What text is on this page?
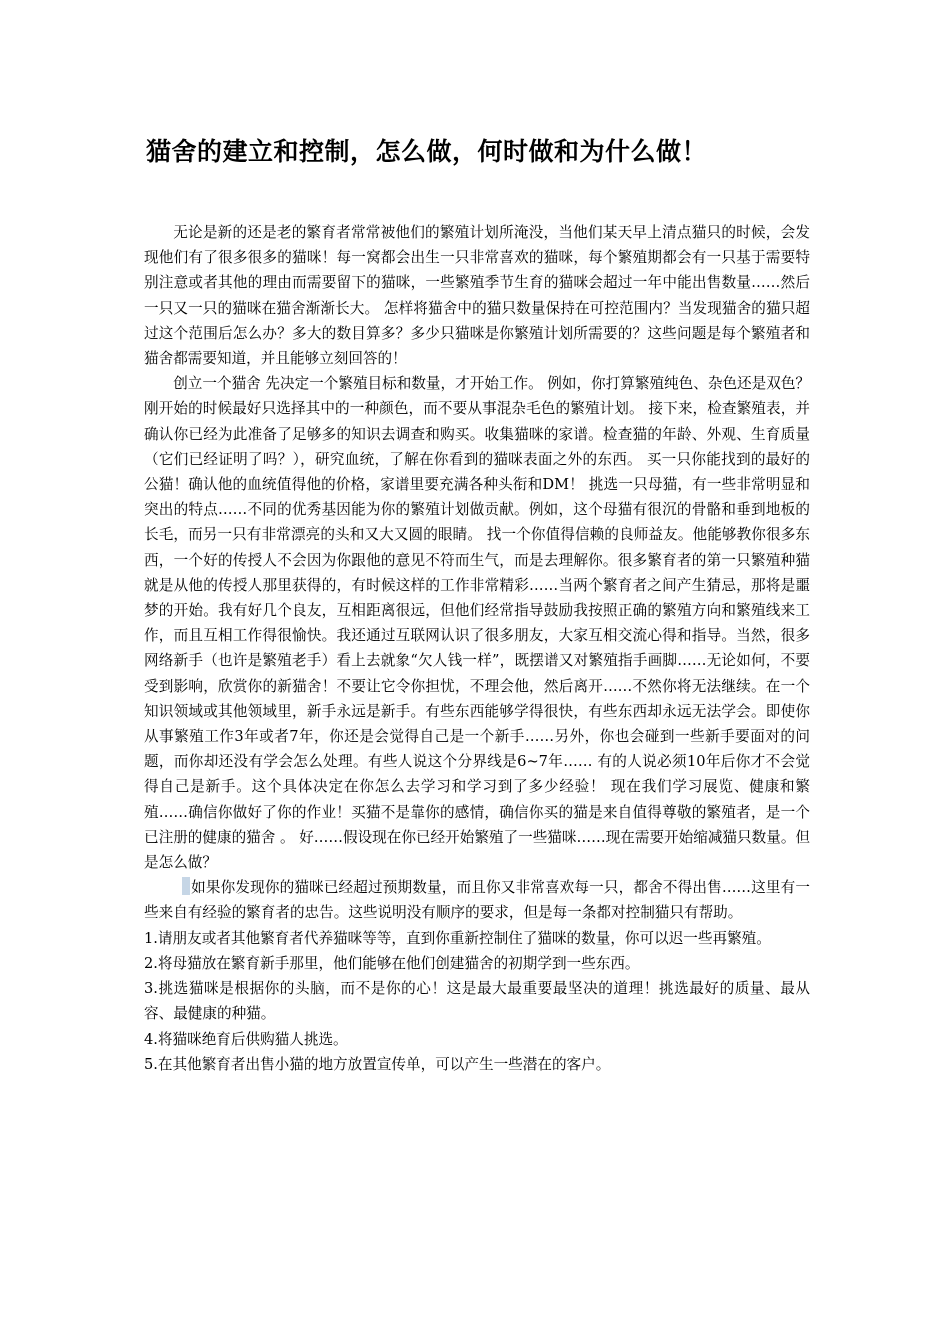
猫舍的建立和控制，怎么做，何时做和为什么做！

无论是新的还是老的繁育者常常被他们的繁殖计划所淹没，当他们某天早上清点猫只的时候，会发现他们有了很多很多的猫咪！每一窝都会出生一只非常喜欢的猫咪，每个繁殖期都会有一只基于需要特别注意或者其他的理由而需要留下的猫咪，一些繁殖季节生育的猫咪会超过一年中能出售数量……然后一只又一只的猫咪在猫舍渐渐长大。 怎样将猫舍中的猫只数量保持在可控范围内？当发现猫舍的猫只超过这个范围后怎么办？多大的数目算多？多少只猫咪是你繁殖计划所需要的？这些问题是每个繁殖者和猫舍都需要知道，并且能够立刻回答的！

创立一个猫舍 先决定一个繁殖目标和数量，才开始工作。 例如，你打算繁殖纯色、杂色还是双色？刚开始的时候最好只选择其中的一种颜色，而不要从事混杂毛色的繁殖计划。 接下来，检查繁殖表，并确认你已经为此准备了足够多的知识去调查和购买。收集猫咪的家谱。检查猫的年龄、外观、生育质量（它们已经证明了吗？），研究血统，了解在你看到的猫咪表面之外的东西。 买一只你能找到的最好的公猫！确认他的血统值得他的价格，家谱里要充满各种头衔和DM！ 挑选一只母猫，有一些非常明显和突出的特点……不同的优秀基因能为你的繁殖计划做贡献。例如，这个母猫有很沉的骨骼和垂到地板的长毛，而另一只有非常漂亮的头和又大又圆的眼睛。 找一个你值得信赖的良师益友。他能够教你很多东西，一个好的传授人不会因为你跟他的意见不符而生气，而是去理解你。很多繁育者的第一只繁殖种猫就是从他的传授人那里获得的，有时候这样的工作非常精彩……当两个繁育者之间产生猜忌，那将是噩梦的开始。我有好几个良友，互相距离很远，但他们经常指导鼓励我按照正确的繁殖方向和繁殖线来工作，而且互相工作得很愉快。我还通过互联网认识了很多朋友，大家互相交流心得和指导。当然，很多网络新手（也许是繁殖老手）看上去就象“欠人钱一样”，既摆谱又对繁殖指手画脚……无论如何，不要 受到影响，欣赏你的新猫舍！不要让它令你担忧，不理会他，然后离开……不然你将无法继续。在一个知识领域或其他领域里，新手永远是新手。有些东西能够学得很快，有些东西却永远无法学会。即使你从事繁殖工作3年或者7年，你还是会觉得自己是一个新手……另外，你也会碰到一些新手要面对的问题，而你却还没有学会怎么处理。有些人说这个分界线是6~7年…… 有的人说必须10年后你才不会觉得自己是新手。这个具体决定在你怎么去学习和学习到了多少经验！ 现在我们学习展览、健康和繁殖……确信你做好了你的作业！买猫不是靠你的感情，确信你买的猫是来自值得尊敬的繁殖者，是一个已注册的健康的猫舍 。 好……假设现在你已经开始繁殖了一些猫咪……现在需要开始缩减猫只数量。但是怎么做？

如果你发现你的猫咪已经超过预期数量，而且你又非常喜欢每一只，都舍不得出售……这里有一些来自有经验的繁育者的忠告。这些说明没有顺序的要求，但是每一条都对控制猫只有帮助。

1.请朋友或者其他繁育者代养猫咪等等，直到你重新控制住了猫咪的数量，你可以迟一些再繁殖。

2.将母猫放在繁育新手那里，他们能够在他们创建猫舍的初期学到一些东西。

3.挑选猫咪是根据你的头脑，而不是你的心！这是最大最重要最坚决的道理！挑选最好的质量、最从容、最健康的种猫。

4.将猫咪绝育后供购猫人挑选。

5.在其他繁育者出售小猫的地方放置宣传单，可以产生一些潜在的客户。
